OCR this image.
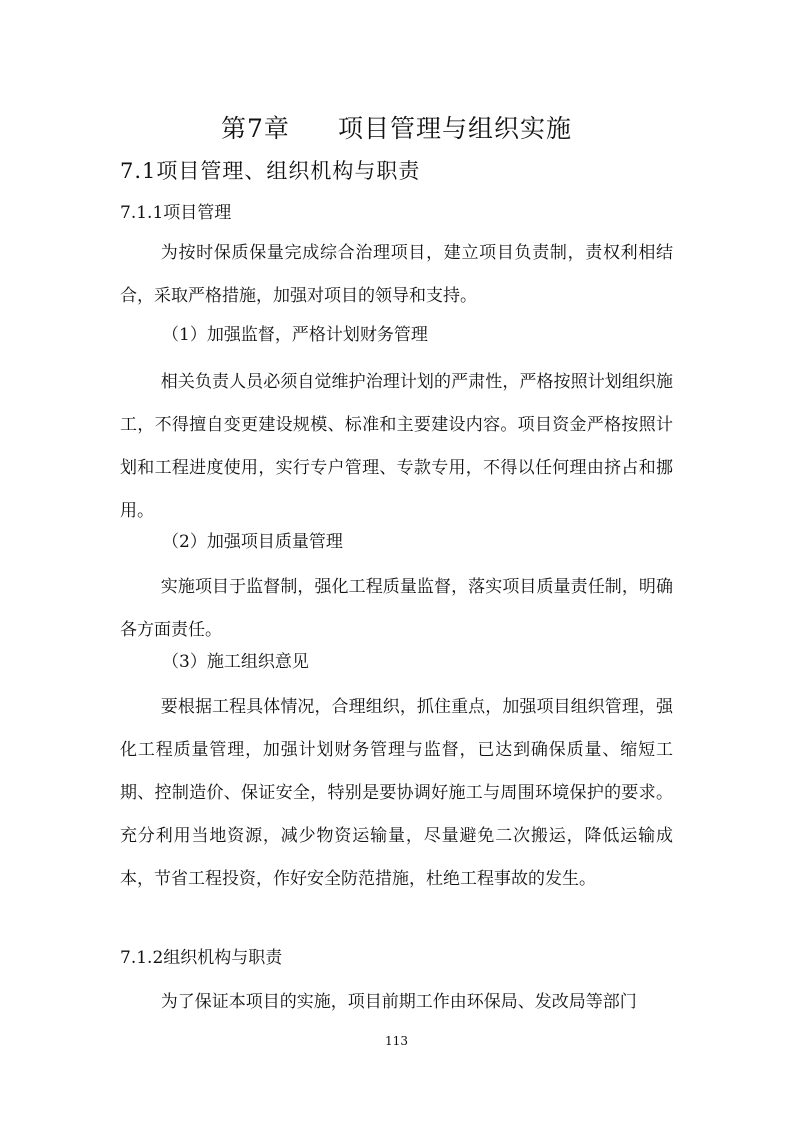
第7章 项目管理与组织实施
7.1项目管理、组织机构与职责
7.1.1项目管理

为按时保质保量完成综合治理项目，建立项目负责制，责权利相结合，采取严格措施，加强对项目的领导和支持。

（1）加强监督，严格计划财务管理

相关负责人员必须自觉维护治理计划的严肃性，严格按照计划组织施工，不得擅自变更建设规模、标准和主要建设内容。项目资金严格按照计划和工程进度使用，实行专户管理、专款专用，不得以任何理由挤占和挪用。

（2）加强项目质量管理

实施项目于监督制，强化工程质量监督，落实项目质量责任制，明确各方面责任。

（3）施工组织意见

要根据工程具体情况，合理组织，抓住重点，加强项目组织管理，强化工程质量管理，加强计划财务管理与监督，已达到确保质量、缩短工期、控制造价、保证安全，特别是要协调好施工与周围环境保护的要求。充分利用当地资源，减少物资运输量，尽量避免二次搬运，降低运输成本，节省工程投资，作好安全防范措施，杜绝工程事故的发生。

7.1.2组织机构与职责

为了保证本项目的实施，项目前期工作由环保局、发改局等部门

113
